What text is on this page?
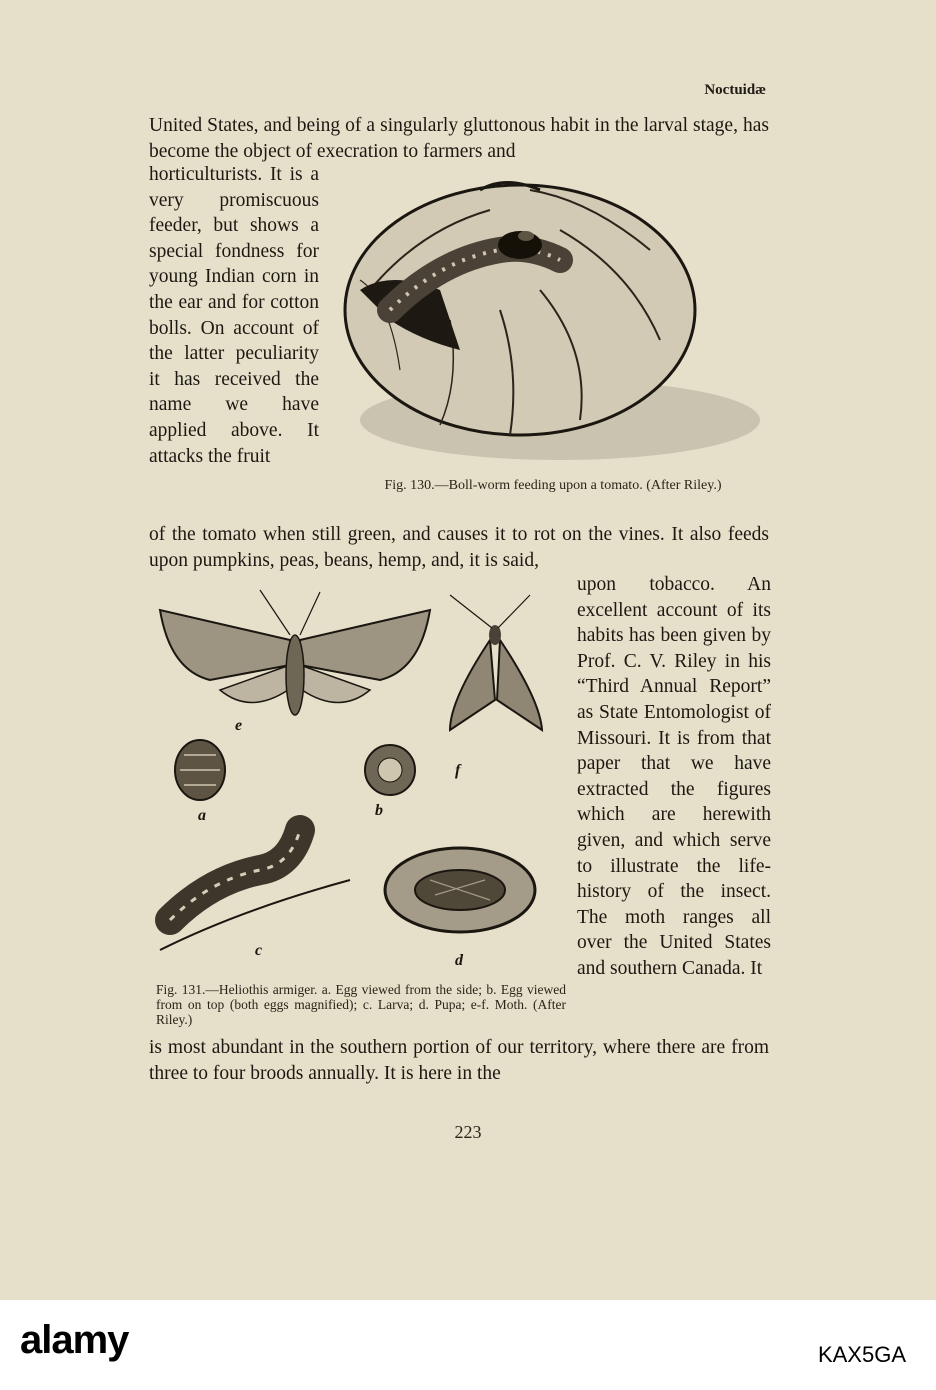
Noctuidæ
United States, and being of a singularly gluttonous habit in the larval stage, has become the object of execration to farmers and
horticulturists. It is a very promiscuous feeder, but shows a special fondness for young Indian corn in the ear and for cotton bolls. On account of the latter peculiarity it has received the name we have applied above. It attacks the fruit
Fig. 130.—Boll-worm feeding upon a tomato. (After Riley.)
of the tomato when still green, and causes it to rot on the vines. It also feeds upon pumpkins, peas, beans, hemp, and, it is said,
upon tobacco. An excellent account of its habits has been given by Prof. C. V. Riley in his “Third Annual Report” as State Entomologist of Missouri. It is from that paper that we have extracted the figures which are herewith given, and which serve to illustrate the life-history of the insect. The moth ranges all over the United States and southern Canada. It
e
f
a	b
c
d
Fig. 131.—Heliothis armiger. a. Egg viewed from the side; b. Egg viewed from on top (both eggs magnified); c. Larva; d. Pupa; e-f. Moth. (After Riley.)
is most abundant in the southern portion of our territory, where there are from three to four broods annually. It is here in the
223
alamy	KAX5GA
